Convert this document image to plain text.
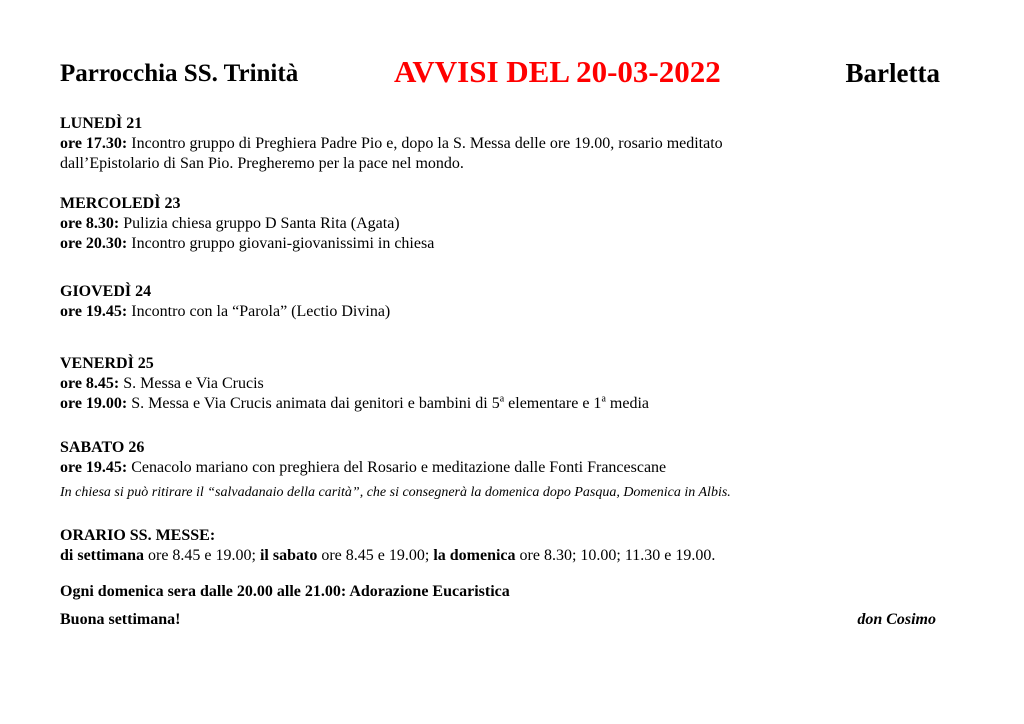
Parrocchia SS. Trinità	AVVISI DEL 20-03-2022	Barletta

LUNEDÌ 21

ore 17.30: Incontro gruppo di Preghiera Padre Pio e, dopo la S. Messa delle ore 19.00, rosario meditato

dall’Epistolario di San Pio. Pregheremo per la pace nel mondo.

MERCOLEDÌ 23

ore 8.30: Pulizia chiesa gruppo D Santa Rita (Agata)

ore 20.30: Incontro gruppo giovani-giovanissimi in chiesa

GIOVEDÌ 24

ore 19.45: Incontro con la “Parola” (Lectio Divina)

VENERDÌ 25

ore 8.45: S. Messa e Via Crucis

ore 19.00: S. Messa e Via Crucis animata dai genitori e bambini di 5$^a$ elementare e 1$^a$ media

SABATO 26

ore 19.45: Cenacolo mariano con preghiera del Rosario e meditazione dalle Fonti Francescane

In chiesa si può ritirare il “salvadanaio della carità”, che si consegnerà la domenica dopo Pasqua, Domenica in Albis.

ORARIO SS. MESSE:

di settimana ore 8.45 e 19.00; il sabato ore 8.45 e 19.00; la domenica ore 8.30; 10.00; 11.30 e 19.00.

Ogni domenica sera dalle 20.00 alle 21.00: Adorazione Eucaristica

Buona settimana!	don Cosimo
